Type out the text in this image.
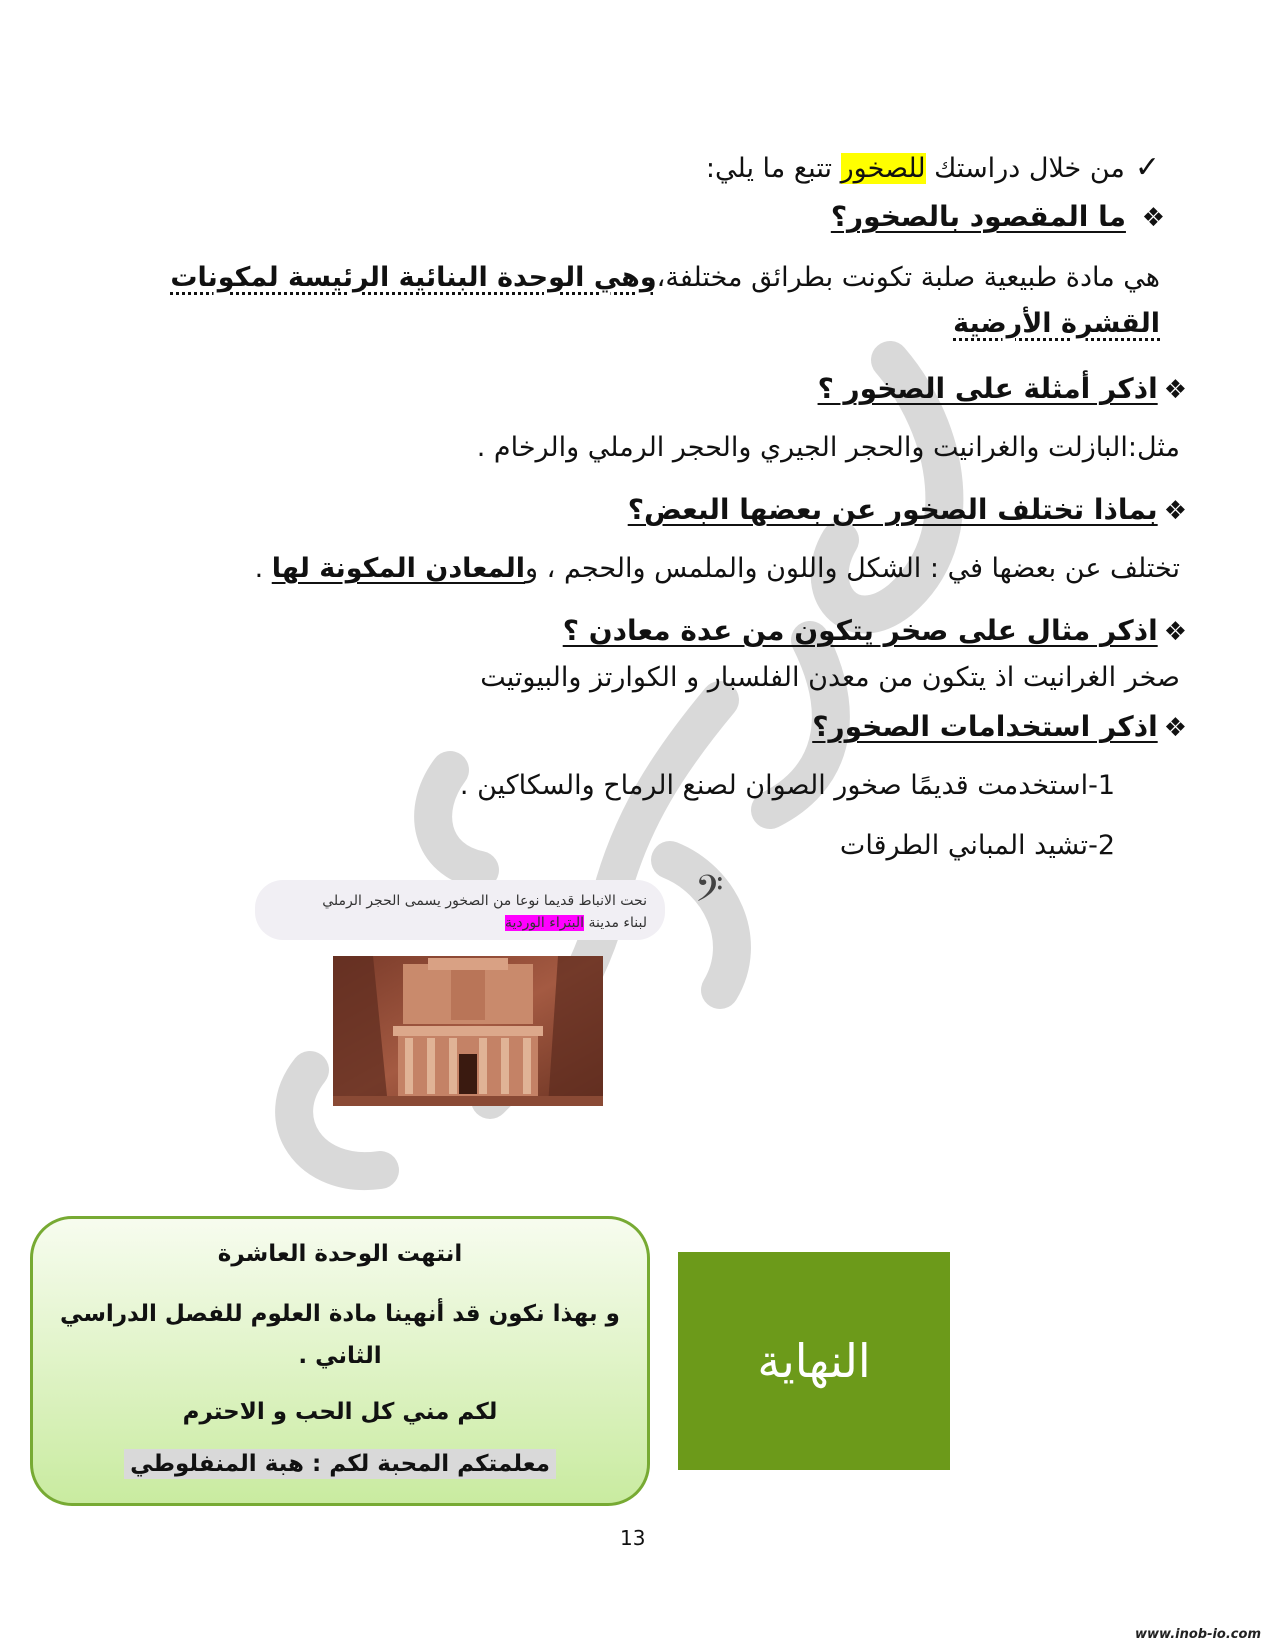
✓من خلال دراستك للصخور تتبع ما يلي:
❖ ما المقصود بالصخور؟
هي مادة طبيعية صلبة تكونت بطرائق مختلفة،وهي الوحدة البنائية الرئيسة لمكونات
القشرة الأرضية
❖اذكر أمثلة على الصخور ؟
مثل:البازلت والغرانيت والحجر الجيري والحجر الرملي والرخام .
❖بماذا تختلف الصخور عن بعضها البعض؟
تختلف عن بعضها في : الشكل واللون والملمس والحجم ، والمعادن المكونة لها .
❖اذكر مثال على صخر يتكون من عدة معادن ؟
صخر الغرانيت اذ يتكون من معدن الفلسبار و الكوارتز والبيوتيت
❖اذكر استخدامات الصخور؟
1-استخدمت قديمًا صخور الصوان لصنع الرماح والسكاكين .
2-تشيد المباني الطرقات
𝄢
نحت الانباط قديما نوعا من الصخور يسمى الحجر الرملي
لبناء مدينة البتراء الوردية
انتهت الوحدة العاشرة
و بهذا نكون قد أنهينا مادة العلوم للفصل الدراسي
الثاني .
لكم مني كل الحب و الاحترم
معلمتكم المحبة لكم : هبة المنفلوطي
النهاية
13
www.inob-io.com
